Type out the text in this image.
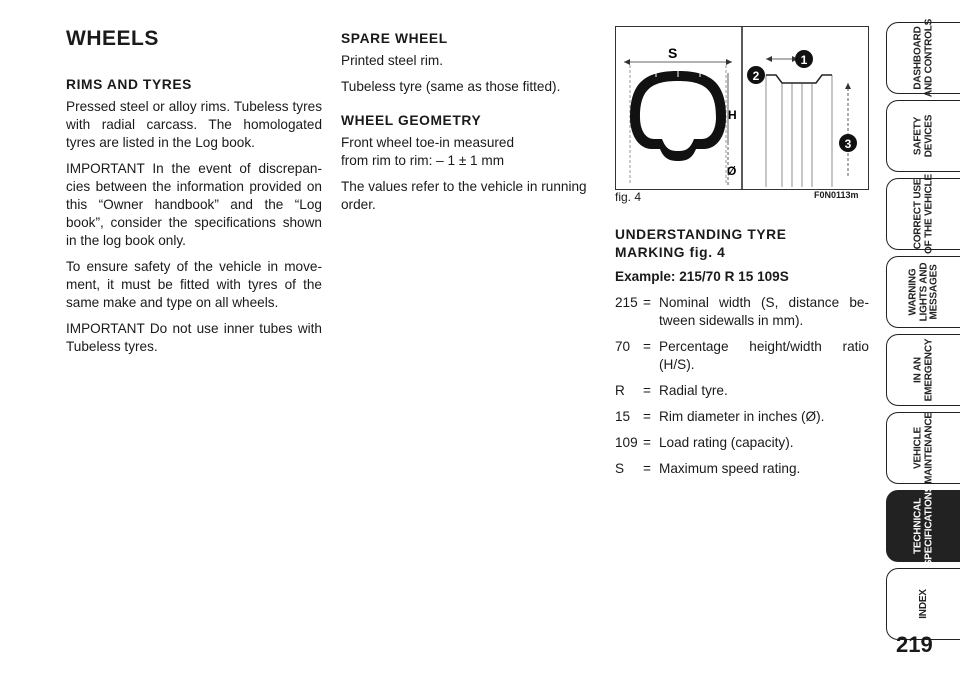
WHEELS
RIMS AND TYRES

Pressed steel or alloy rims. Tubeless tyres with radial carcass. The homologated tyres are listed in the Log book.

IMPORTANT In the event of discrepan-cies between the information provided on this “Owner handbook” and the “Log book”, consider the specifications shown in the log book only.

To ensure safety of the vehicle in move-ment, it must be fitted with tyres of the same make and type on all wheels.

IMPORTANT Do not use inner tubes with Tubeless tyres.

SPARE WHEEL

Printed steel rim.

Tubeless tyre (same as those fitted).

WHEEL GEOMETRY

Front wheel toe-in measured
from rim to rim: – 1 ± 1 mm

The values refer to the vehicle in running order.

S
H
Ø
1
2
3
fig. 4	F0N0113m
UNDERSTANDING TYRE
MARKING fig. 4
Example: 215/70 R 15 109S
215 = Nominal width (S, distance be-tween sidewalls in mm).
70 = Percentage height/width ratio (H/S).
R	= Radial tyre.
15 = Rim diameter in inches (Ø).
109 = Load rating (capacity).
S	= Maximum speed rating.
DASHBOARD
AND CONTROLS
SAFETY
DEVICES
CORRECT USE
OF THE VEHICLE
WARNING
LIGHTS AND
MESSAGES
IN AN
EMERGENCY
VEHICLE
MAINTENANCE
TECHNICAL
SPECIFICATIONS
INDEX
219
